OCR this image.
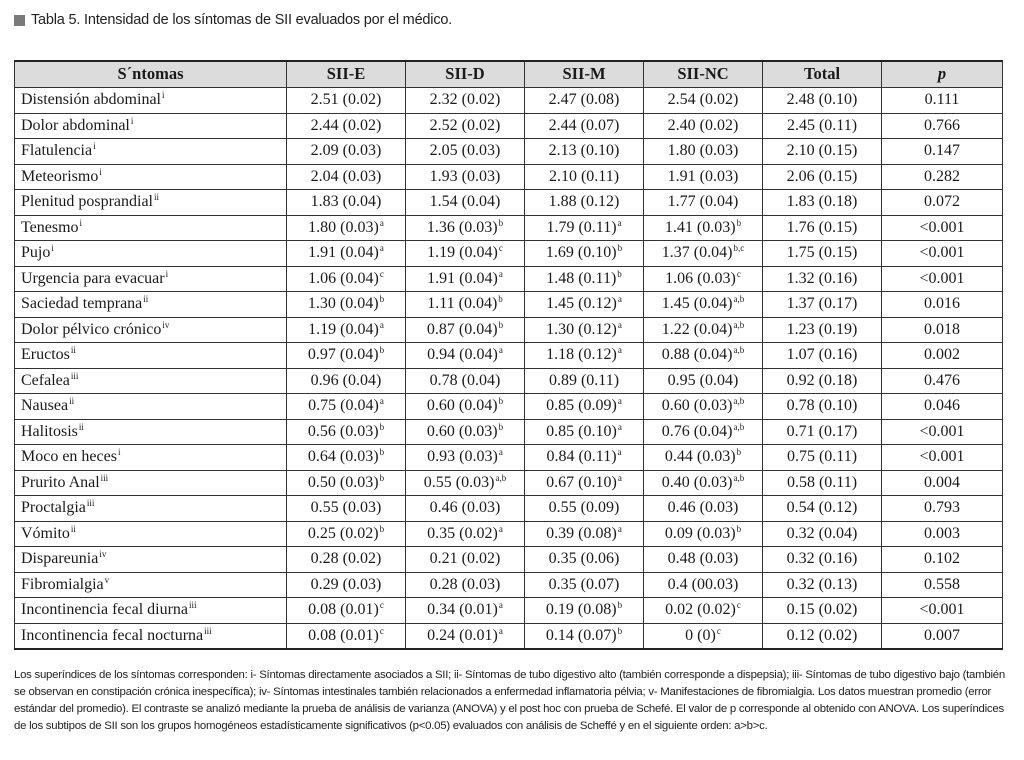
Tabla 5. Intensidad de los síntomas de SII evaluados por el médico.
S´ntomas	SII-E	SII-D	SII-M	SII-NC	Total	p
Distensión abdominal$^i$	2.51 (0.02)	2.32 (0.02)	2.47 (0.08)	2.54 (0.02)	2.48 (0.10)	0.111
Dolor abdominal$^i$	2.44 (0.02)	2.52 (0.02)	2.44 (0.07)	2.40 (0.02)	2.45 (0.11)	0.766
Flatulencia$^i$	2.09 (0.03)	2.05 (0.03)	2.13 (0.10)	1.80 (0.03)	2.10 (0.15)	0.147
Meteorismo$^i$	2.04 (0.03)	1.93 (0.03)	2.10 (0.11)	1.91 (0.03)	2.06 (0.15)	0.282
Plenitud posprandial$^{ii}$	1.83 (0.04)	1.54 (0.04)	1.88 (0.12)	1.77 (0.04)	1.83 (0.18)	0.072
Tenesmo$^i$	1.80 $(0.03)^a$	1.36 $(0.03)^b$	1.79 $(0.11)^a$	1.41 $(0.03)^b$	1.76 (0.15)	<0.001
Pujo$^i$	1.91 $(0.04)^a$	1.19 $(0.04)^c$	1.69 $(0.10)^b$	1.37 $(0.04)^{b,c}$	1.75 (0.15)	<0.001
Urgencia para evacuar$^i$	1.06 $(0.04)^c$	1.91 $(0.04)^a$	1.48 $(0.11)^b$	1.06 $(0.03)^c$	1.32 (0.16)	<0.001
Saciedad temprana$^{ii}$	1.30 $(0.04)^b$	1.11 $(0.04)^b$	1.45 $(0.12)^a$	1.45 $(0.04)^{a,b}$	1.37 (0.17)	0.016
Dolor pélvico crónico$^{iv}$	1.19 $(0.04)^a$	0.87 $(0.04)^b$	1.30 $(0.12)^a$	1.22 $(0.04)^{a,b}$	1.23 (0.19)	0.018
Eructos$^{ii}$	0.97 $(0.04)^b$	0.94 $(0.04)^a$	1.18 $(0.12)^a$	0.88 $(0.04)^{a,b}$	1.07 (0.16)	0.002
Cefalea$^{iii}$	0.96 (0.04)	0.78 (0.04)	0.89 (0.11)	0.95 (0.04)	0.92 (0.18)	0.476
Nausea$^{ii}$	0.75 $(0.04)^a$	0.60 $(0.04)^b$	0.85 $(0.09)^a$	0.60 $(0.03)^{a,b}$	0.78 (0.10)	0.046
Halitosis$^{ii}$	0.56 $(0.03)^b$	0.60 $(0.03)^b$	0.85 $(0.10)^a$	0.76 $(0.04)^{a,b}$	0.71 (0.17)	<0.001
Moco en heces$^i$	0.64 $(0.03)^b$	0.93 $(0.03)^a$	0.84 $(0.11)^a$	0.44 $(0.03)^b$	0.75 (0.11)	<0.001
Prurito Anal$^{iii}$	0.50 $(0.03)^b$	0.55 $(0.03)^{a,b}$	0.67 $(0.10)^a$	0.40 $(0.03)^{a,b}$	0.58 (0.11)	0.004
Proctalgia$^{iii}$	0.55 (0.03)	0.46 (0.03)	0.55 (0.09)	0.46 (0.03)	0.54 (0.12)	0.793
Vómito$^{ii}$	0.25 $(0.02)^b$	0.35 $(0.02)^a$	0.39 $(0.08)^a$	0.09 $(0.03)^b$	0.32 (0.04)	0.003
Dispareunia$^{iv}$	0.28 (0.02)	0.21 (0.02)	0.35 (0.06)	0.48 (0.03)	0.32 (0.16)	0.102
Fibromialgia$^v$	0.29 (0.03)	0.28 (0.03)	0.35 (0.07)	0.4 (00.03)	0.32 (0.13)	0.558
Incontinencia fecal diurna$^{iii}$	0.08 $(0.01)^c$	0.34 $(0.01)^a$	0.19 $(0.08)^b$	0.02 $(0.02)^c$	0.15 (0.02)	<0.001
Incontinencia fecal nocturna$^{iii}$	0.08 $(0.01)^c$	0.24 $(0.01)^a$	0.14 $(0.07)^b$	0 $(0)^c$	0.12 (0.02)	0.007
Los superíndices de los síntomas corresponden: i- Síntomas directamente asociados a SII; ii- Síntomas de tubo digestivo alto (también corresponde a dispepsia); iii- Síntomas de tubo digestivo bajo (también se observan en constipación crónica inespecífica); iv- Síntomas intestinales también relacionados a enfermedad inflamatoria pélvia; v- Manifestaciones de fibromialgia. Los datos muestran promedio (error estándar del promedio). El contraste se analizó mediante la prueba de análisis de varianza (ANOVA) y el post hoc con prueba de Schefé. El valor de p corresponde al obtenido con ANOVA. Los superíndices de los subtipos de SII son los grupos homogéneos estadísticamente significativos (p<0.05) evaluados con análisis de Scheffé y en el siguiente orden: a>b>c.
